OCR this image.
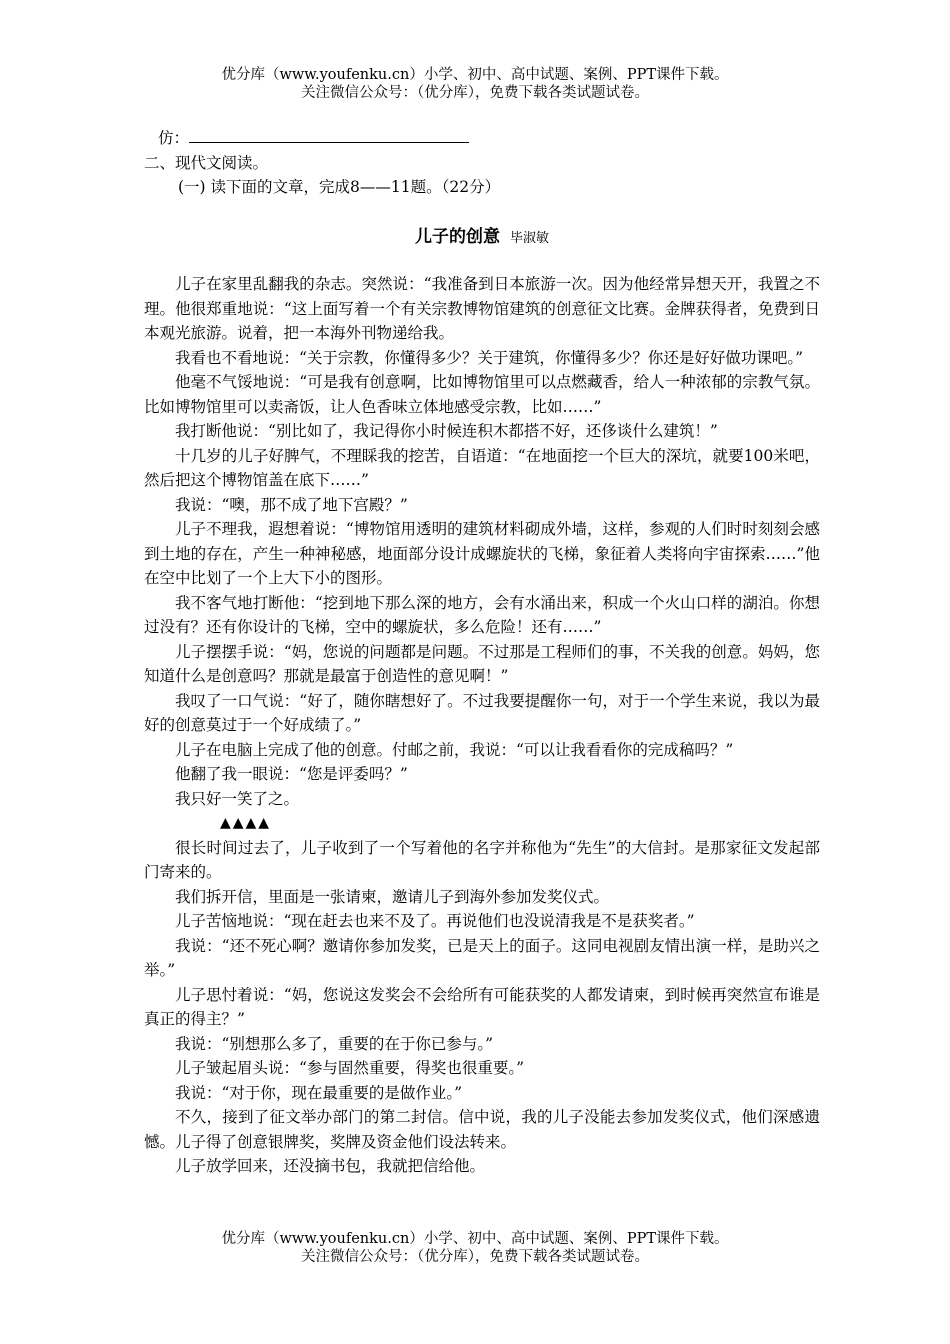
优分库（www.youfenku.cn）小学、初中、高中试题、案例、PPT课件下载。
关注微信公众号：（优分库），免费下载各类试题试卷。
仿：
二、现代文阅读。
(一) 读下面的文章，完成8——11题。（22分）
儿子的创意 毕淑敏

儿子在家里乱翻我的杂志。突然说：“我准备到日本旅游一次。因为他经常异想天开，我置之不理。他很郑重地说：“这上面写着一个有关宗教博物馆建筑的创意征文比赛。金牌获得者，免费到日本观光旅游。说着，把一本海外刊物递给我。

我看也不看地说：“关于宗教，你懂得多少？关于建筑，你懂得多少？你还是好好做功课吧。”

他毫不气馁地说：“可是我有创意啊，比如博物馆里可以点燃藏香，给人一种浓郁的宗教气氛。比如博物馆里可以卖斋饭，让人色香味立体地感受宗教，比如……”

我打断他说：“别比如了，我记得你小时候连积木都搭不好，还侈谈什么建筑！”

十几岁的儿子好脾气，不理睬我的挖苦，自语道：“在地面挖一个巨大的深坑，就要100米吧，然后把这个博物馆盖在底下……”

我说：“噢，那不成了地下宫殿？”

儿子不理我，遐想着说：“博物馆用透明的建筑材料砌成外墙，这样，参观的人们时时刻刻会感到土地的存在，产生一种神秘感，地面部分设计成螺旋状的飞梯，象征着人类将向宇宙探索……”他在空中比划了一个上大下小的图形。

我不客气地打断他：“挖到地下那么深的地方，会有水涌出来，积成一个火山口样的湖泊。你想过没有？还有你设计的飞梯，空中的螺旋状，多么危险！还有……”

儿子摆摆手说：“妈，您说的问题都是问题。不过那是工程师们的事，不关我的创意。妈妈，您知道什么是创意吗？那就是最富于创造性的意见啊！”

我叹了一口气说：“好了，随你瞎想好了。不过我要提醒你一句，对于一个学生来说，我以为最好的创意莫过于一个好成绩了。”

儿子在电脑上完成了他的创意。付邮之前，我说：“可以让我看看你的完成稿吗？”

他翻了我一眼说：“您是评委吗？”

我只好一笑了之。

▲▲▲▲

很长时间过去了，儿子收到了一个写着他的名字并称他为“先生”的大信封。是那家征文发起部门寄来的。

我们拆开信，里面是一张请柬，邀请儿子到海外参加发奖仪式。

儿子苦恼地说：“现在赶去也来不及了。再说他们也没说清我是不是获奖者。”

我说：“还不死心啊？邀请你参加发奖，已是天上的面子。这同电视剧友情出演一样，是助兴之举。”

儿子思忖着说：“妈，您说这发奖会不会给所有可能获奖的人都发请柬，到时候再突然宣布谁是真正的得主？”

我说：“别想那么多了，重要的在于你已参与。”

儿子皱起眉头说：“参与固然重要，得奖也很重要。”

我说：“对于你，现在最重要的是做作业。”

不久，接到了征文举办部门的第二封信。信中说，我的儿子没能去参加发奖仪式，他们深感遗憾。儿子得了创意银牌奖，奖牌及资金他们设法转来。

儿子放学回来，还没摘书包，我就把信给他。

优分库（www.youfenku.cn）小学、初中、高中试题、案例、PPT课件下载。
关注微信公众号：（优分库），免费下载各类试题试卷。
